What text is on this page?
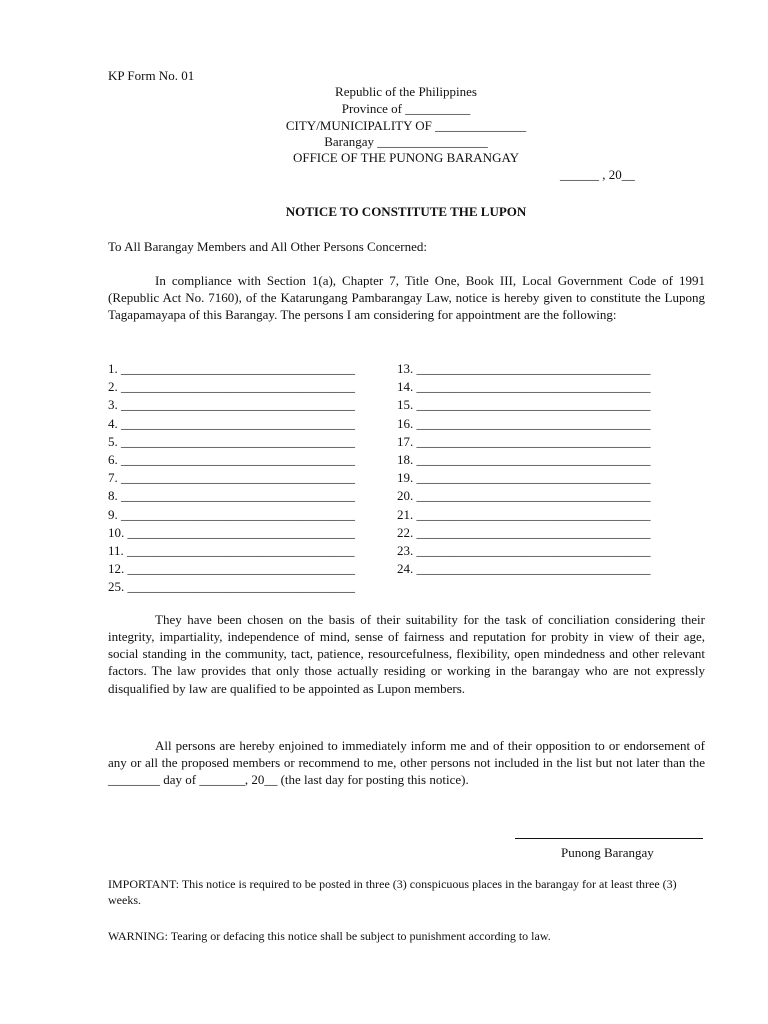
KP Form No. 01
Republic of the Philippines
Province of __________
CITY/MUNICIPALITY OF ______________
Barangay _________________
OFFICE OF THE PUNONG BARANGAY
______ , 20__
NOTICE TO CONSTITUTE THE LUPON
To All Barangay Members and All Other Persons Concerned:
In compliance with Section 1(a), Chapter 7, Title One, Book III, Local Government Code of 1991 (Republic Act No. 7160), of the Katarungang Pambarangay Law, notice is hereby given to constitute the Lupong Tagapamayapa of this Barangay. The persons I am considering for appointment are the following:
1. ____________________________________
2. ____________________________________
3. ____________________________________
4. ____________________________________
5. ____________________________________
6. ____________________________________
7. ____________________________________
8. ____________________________________
9. ____________________________________
10. ___________________________________
11. ___________________________________
12. ___________________________________
25. ___________________________________
13. ____________________________________
14. ____________________________________
15. ____________________________________
16. ____________________________________
17. ____________________________________
18. ____________________________________
19. ____________________________________
20. ____________________________________
21. ____________________________________
22. ____________________________________
23. ____________________________________
24. ____________________________________
They have been chosen on the basis of their suitability for the task of conciliation considering their integrity, impartiality, independence of mind, sense of fairness and reputation for probity in view of their age, social standing in the community, tact, patience, resourcefulness, flexibility, open mindedness and other relevant factors. The law provides that only those actually residing or working in the barangay who are not expressly disqualified by law are qualified to be appointed as Lupon members.
All persons are hereby enjoined to immediately inform me and of their opposition to or endorsement of any or all the proposed members or recommend to me, other persons not included in the list but not later than the ________ day of _______, 20__ (the last day for posting this notice).
Punong Barangay
IMPORTANT: This notice is required to be posted in three (3) conspicuous places in the barangay for at least three (3) weeks.
WARNING: Tearing or defacing this notice shall be subject to punishment according to law.
